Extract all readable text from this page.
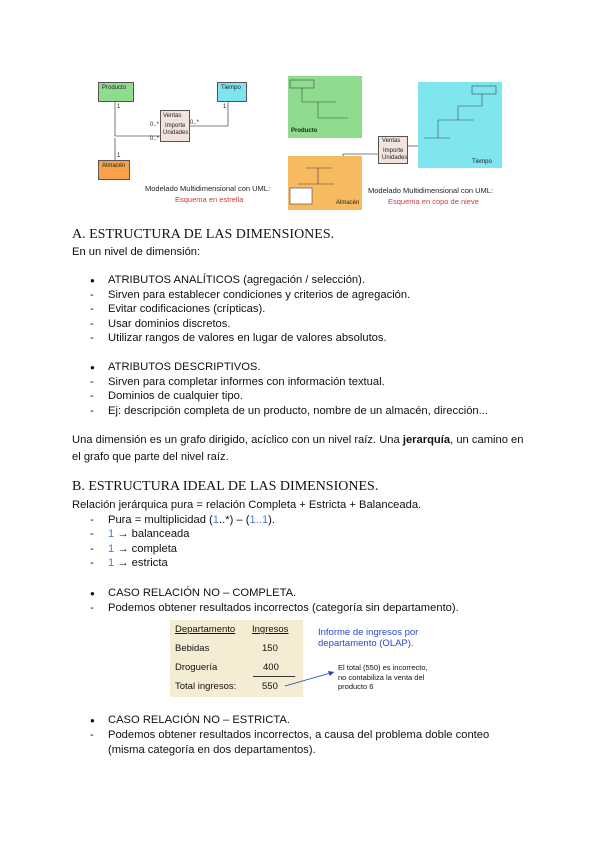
Producto	Tiempo
Ventas
Importe
Unidades
Almacén
1	1
1
0..*	0..*
0..*
Modelado Multidimensional con UML:
Esquema en estrella
Producto
Tiempo
Ventas
Importe
Unidades
Almacén
Modelado Multidimensional con UML:
Esquema en copo de nieve
A. ESTRUCTURA DE LAS DIMENSIONES.
En un nivel de dimensión:
● ATRIBUTOS ANALÍTICOS (agregación / selección).
- Sirven para establecer condiciones y criterios de agregación.
- Evitar codificaciones (crípticas).
- Usar dominios discretos.
- Utilizar rangos de valores en lugar de valores absolutos.
● ATRIBUTOS DESCRIPTIVOS.
- Sirven para completar informes con información textual.
- Dominios de cualquier tipo.
- Ej: descripción completa de un producto, nombre de un almacén, dirección...
Una dimensión es un grafo dirigido, acíclico con un nivel raíz. Una jerarquía, un camino en el grafo que parte del nivel raíz.
B. ESTRUCTURA IDEAL DE LAS DIMENSIONES.
Relación jerárquica pura = relación Completa + Estricta + Balanceada.
- Pura = multiplicidad (1..*) – (1..1).
- 1 → balanceada
- 1 → completa
- 1 → estricta
● CASO RELACIÓN NO – COMPLETA.
- Podemos obtener resultados incorrectos (categoría sin departamento).
Departamento Ingresos
Bebidas	150
Droguería	400
Total ingresos:	550
Informe de ingresos por departamento (OLAP).
El total (550) es incorrecto, no contabiliza la venta del producto 6
● CASO RELACIÓN NO – ESTRICTA.
- Podemos obtener resultados incorrectos, a causa del problema doble conteo (misma categoría en dos departamentos).
